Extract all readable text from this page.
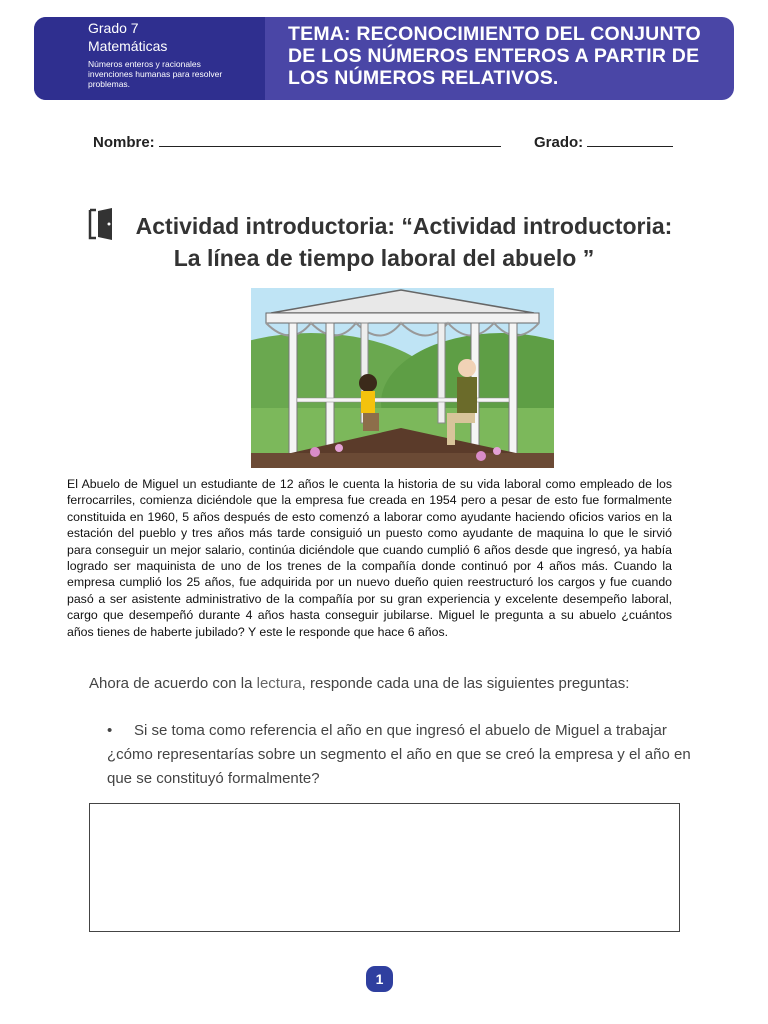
Grado 7
Matemáticas
Números enteros y racionales invenciones humanas para resolver problemas.
TEMA: RECONOCIMIENTO DEL CONJUNTO DE LOS NÚMEROS ENTEROS A PARTIR DE LOS NÚMEROS RELATIVOS.
Nombre:	Grado:
Actividad introductoria: “Actividad introductoria:
La línea de tiempo laboral del abuelo ”
El Abuelo de Miguel un estudiante de 12 años le cuenta la historia de su vida laboral como empleado de los ferrocarriles, comienza diciéndole que la empresa fue creada en 1954 pero a pesar de esto fue formalmente constituida en 1960, 5 años después de esto comenzó a laborar como ayudante haciendo oficios varios en la estación del pueblo y tres años más tarde consiguió un puesto como ayudante de maquina lo que le sirvió para conseguir un mejor salario, continúa diciéndole que cuando cumplió 6 años desde que ingresó, ya había logrado ser maquinista de uno de los trenes de la compañía donde continuó por 4 años más. Cuando la empresa cumplió los 25 años, fue adquirida por un nuevo dueño quien reestructuró los cargos y fue cuando pasó a ser asistente administrativo de la compañía por su gran experiencia y excelente desempeño laboral, cargo que desempeñó durante 4 años hasta conseguir jubilarse. Miguel le pregunta a su abuelo ¿cuántos años tienes de haberte jubilado? Y este le responde que hace 6 años.
Ahora de acuerdo con la lectura, responde cada una de las siguientes preguntas:
• Si se toma como referencia el año en que ingresó el abuelo de Miguel a trabajar ¿cómo representarías sobre un segmento el año en que se creó la empresa y el año en que se constituyó formalmente?
1
